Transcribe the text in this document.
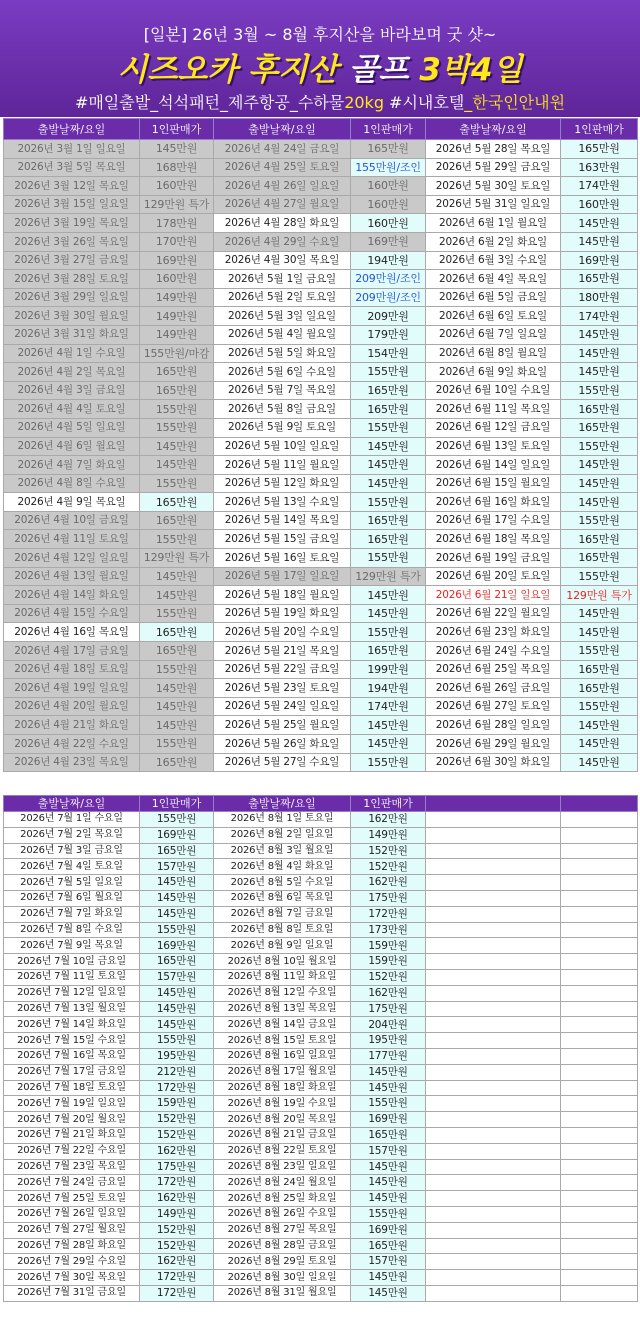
[일본] 26년 3월 ~ 8월 후지산을 바라보며 굿 샷~
시즈오카 후지산 골프 3박4일
#매일출발_석석패턴_제주항공_수하물20kg #시내호텔_한국인안내원
출발날짜/요일	1인판매가	출발날짜/요일	1인판매가	출발날짜/요일	1인판매가
2026년 3월 1일 일요일	145만원	2026년 4월 24일 금요일	165만원	2026년 5월 28일 목요일	165만원
2026년 3월 5일 목요일	168만원	2026년 4월 25일 토요일	155만원/조인	2026년 5월 29일 금요일	163만원
2026년 3월 12일 목요일	160만원	2026년 4월 26일 일요일	160만원	2026년 5월 30일 토요일	174만원
2026년 3월 15일 일요일	129만원 특가	2026년 4월 27일 월요일	160만원	2026년 5월 31일 일요일	160만원
2026년 3월 19일 목요일	178만원	2026년 4월 28일 화요일	160만원	2026년 6월 1일 월요일	145만원
2026년 3월 26일 목요일	170만원	2026년 4월 29일 수요일	169만원	2026년 6월 2일 화요일	145만원
2026년 3월 27일 금요일	169만원	2026년 4월 30일 목요일	194만원	2026년 6월 3일 수요일	169만원
2026년 3월 28일 토요일	160만원	2026년 5월 1일 금요일	209만원/조인	2026년 6월 4일 목요일	165만원
2026년 3월 29일 일요일	149만원	2026년 5월 2일 토요일	209만원/조인	2026년 6월 5일 금요일	180만원
2026년 3월 30일 월요일	149만원	2026년 5월 3일 일요일	209만원	2026년 6월 6일 토요일	174만원
2026년 3월 31일 화요일	149만원	2026년 5월 4일 월요일	179만원	2026년 6월 7일 일요일	145만원
2026년 4월 1일 수요일	155만원/마감	2026년 5월 5일 화요일	154만원	2026년 6월 8일 월요일	145만원
2026년 4월 2일 목요일	165만원	2026년 5월 6일 수요일	155만원	2026년 6월 9일 화요일	145만원
2026년 4월 3일 금요일	165만원	2026년 5월 7일 목요일	165만원	2026년 6월 10일 수요일	155만원
2026년 4월 4일 토요일	155만원	2026년 5월 8일 금요일	165만원	2026년 6월 11일 목요일	165만원
2026년 4월 5일 일요일	155만원	2026년 5월 9일 토요일	155만원	2026년 6월 12일 금요일	165만원
2026년 4월 6일 월요일	145만원	2026년 5월 10일 일요일	145만원	2026년 6월 13일 토요일	155만원
2026년 4월 7일 화요일	145만원	2026년 5월 11일 월요일	145만원	2026년 6월 14일 일요일	145만원
2026년 4월 8일 수요일	155만원	2026년 5월 12일 화요일	145만원	2026년 6월 15일 월요일	145만원
2026년 4월 9일 목요일	165만원	2026년 5월 13일 수요일	155만원	2026년 6월 16일 화요일	145만원
2026년 4월 10일 금요일	165만원	2026년 5월 14일 목요일	165만원	2026년 6월 17일 수요일	155만원
2026년 4월 11일 토요일	155만원	2026년 5월 15일 금요일	165만원	2026년 6월 18일 목요일	165만원
2026년 4월 12일 일요일	129만원 특가	2026년 5월 16일 토요일	155만원	2026년 6월 19일 금요일	165만원
2026년 4월 13일 월요일	145만원	2026년 5월 17일 일요일	129만원 특가	2026년 6월 20일 토요일	155만원
2026년 4월 14일 화요일	145만원	2026년 5월 18일 월요일	145만원	2026년 6월 21일 일요일	129만원 특가
2026년 4월 15일 수요일	155만원	2026년 5월 19일 화요일	145만원	2026년 6월 22일 월요일	145만원
2026년 4월 16일 목요일	165만원	2026년 5월 20일 수요일	155만원	2026년 6월 23일 화요일	145만원
2026년 4월 17일 금요일	165만원	2026년 5월 21일 목요일	165만원	2026년 6월 24일 수요일	155만원
2026년 4월 18일 토요일	155만원	2026년 5월 22일 금요일	199만원	2026년 6월 25일 목요일	165만원
2026년 4월 19일 일요일	145만원	2026년 5월 23일 토요일	194만원	2026년 6월 26일 금요일	165만원
2026년 4월 20일 월요일	145만원	2026년 5월 24일 일요일	174만원	2026년 6월 27일 토요일	155만원
2026년 4월 21일 화요일	145만원	2026년 5월 25일 월요일	145만원	2026년 6월 28일 일요일	145만원
2026년 4월 22일 수요일	155만원	2026년 5월 26일 화요일	145만원	2026년 6월 29일 월요일	145만원
2026년 4월 23일 목요일	165만원	2026년 5월 27일 수요일	155만원	2026년 6월 30일 화요일	145만원
출발날짜/요일	1인판매가	출발날짜/요일	1인판매가		
2026년 7월 1일 수요일	155만원	2026년 8월 1일 토요일	162만원		
2026년 7월 2일 목요일	169만원	2026년 8월 2일 일요일	149만원		
2026년 7월 3일 금요일	165만원	2026년 8월 3일 월요일	152만원		
2026년 7월 4일 토요일	157만원	2026년 8월 4일 화요일	152만원		
2026년 7월 5일 일요일	145만원	2026년 8월 5일 수요일	162만원		
2026년 7월 6일 월요일	145만원	2026년 8월 6일 목요일	175만원		
2026년 7월 7일 화요일	145만원	2026년 8월 7일 금요일	172만원		
2026년 7월 8일 수요일	155만원	2026년 8월 8일 토요일	173만원		
2026년 7월 9일 목요일	169만원	2026년 8월 9일 일요일	159만원		
2026년 7월 10일 금요일	165만원	2026년 8월 10일 월요일	159만원		
2026년 7월 11일 토요일	157만원	2026년 8월 11일 화요일	152만원		
2026년 7월 12일 일요일	145만원	2026년 8월 12일 수요일	162만원		
2026년 7월 13일 월요일	145만원	2026년 8월 13일 목요일	175만원		
2026년 7월 14일 화요일	145만원	2026년 8월 14일 금요일	204만원		
2026년 7월 15일 수요일	155만원	2026년 8월 15일 토요일	195만원		
2026년 7월 16일 목요일	195만원	2026년 8월 16일 일요일	177만원		
2026년 7월 17일 금요일	212만원	2026년 8월 17일 월요일	145만원		
2026년 7월 18일 토요일	172만원	2026년 8월 18일 화요일	145만원		
2026년 7월 19일 일요일	159만원	2026년 8월 19일 수요일	155만원		
2026년 7월 20일 월요일	152만원	2026년 8월 20일 목요일	169만원		
2026년 7월 21일 화요일	152만원	2026년 8월 21일 금요일	165만원		
2026년 7월 22일 수요일	162만원	2026년 8월 22일 토요일	157만원		
2026년 7월 23일 목요일	175만원	2026년 8월 23일 일요일	145만원		
2026년 7월 24일 금요일	172만원	2026년 8월 24일 월요일	145만원		
2026년 7월 25일 토요일	162만원	2026년 8월 25일 화요일	145만원		
2026년 7월 26일 일요일	149만원	2026년 8월 26일 수요일	155만원		
2026년 7월 27일 월요일	152만원	2026년 8월 27일 목요일	169만원		
2026년 7월 28일 화요일	152만원	2026년 8월 28일 금요일	165만원		
2026년 7월 29일 수요일	162만원	2026년 8월 29일 토요일	157만원		
2026년 7월 30일 목요일	172만원	2026년 8월 30일 일요일	145만원		
2026년 7월 31일 금요일	172만원	2026년 8월 31일 월요일	145만원		
